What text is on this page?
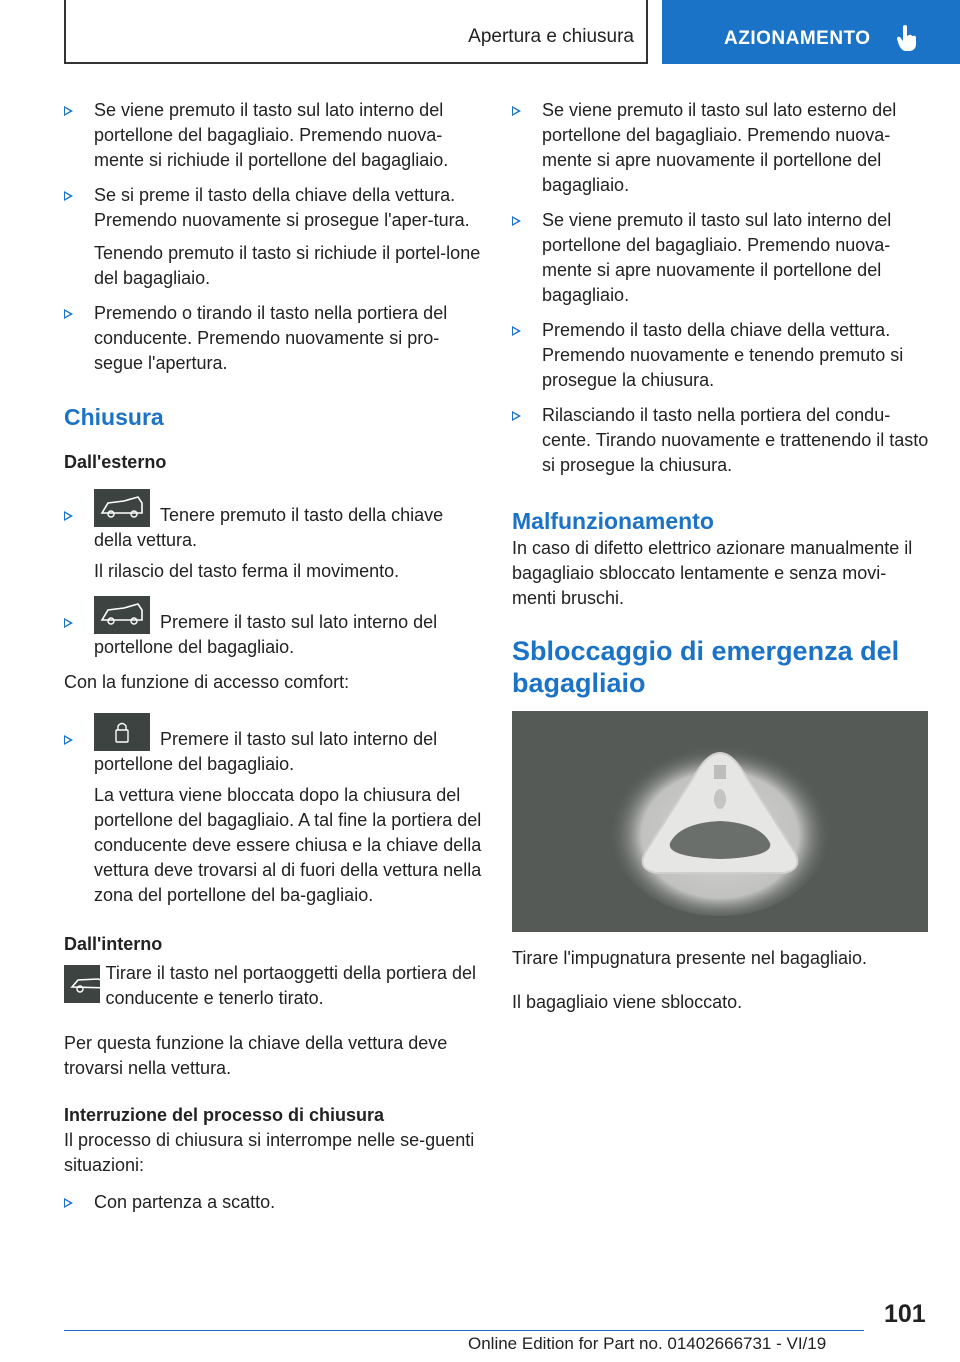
Apertura e chiusura	AZIONAMENTO
Se viene premuto il tasto sul lato interno del portellone del bagagliaio. Premendo nuova-mente si richiude il portellone del bagagliaio.
Se si preme il tasto della chiave della vettura. Premendo nuovamente si prosegue l'aper-tura.
Tenendo premuto il tasto si richiude il portel-lone del bagagliaio.
Premendo o tirando il tasto nella portiera del conducente. Premendo nuovamente si pro-segue l'apertura.
Chiusura
Dall'esterno
Tenere premuto il tasto della chiave della vettura.
Il rilascio del tasto ferma il movimento.
Premere il tasto sul lato interno del portellone del bagagliaio.
Con la funzione di accesso comfort:
Premere il tasto sul lato interno del portellone del bagagliaio.
La vettura viene bloccata dopo la chiusura del portellone del bagagliaio. A tal fine la portiera del conducente deve essere chiusa e la chiave della vettura deve trovarsi al di fuori della vettura nella zona del portellone del ba-gagliaio.
Dall'interno
Tirare il tasto nel portaoggetti della portiera del conducente e tenerlo tirato.
Per questa funzione la chiave della vettura deve trovarsi nella vettura.
Interruzione del processo di chiusura
Il processo di chiusura si interrompe nelle se-guenti situazioni:
Con partenza a scatto.
Se viene premuto il tasto sul lato esterno del portellone del bagagliaio. Premendo nuova-mente si apre nuovamente il portellone del bagagliaio.
Se viene premuto il tasto sul lato interno del portellone del bagagliaio. Premendo nuova-mente si apre nuovamente il portellone del bagagliaio.
Premendo il tasto della chiave della vettura. Premendo nuovamente e tenendo premuto si prosegue la chiusura.
Rilasciando il tasto nella portiera del condu-cente. Tirando nuovamente e trattenendo il tasto si prosegue la chiusura.
Malfunzionamento
In caso di difetto elettrico azionare manualmente il bagagliaio sbloccato lentamente e senza movi-menti bruschi.
Sbloccaggio di emergenza del bagagliaio
Tirare l'impugnatura presente nel bagagliaio.
Il bagagliaio viene sbloccato.
101
Online Edition for Part no. 01402666731 - VI/19
